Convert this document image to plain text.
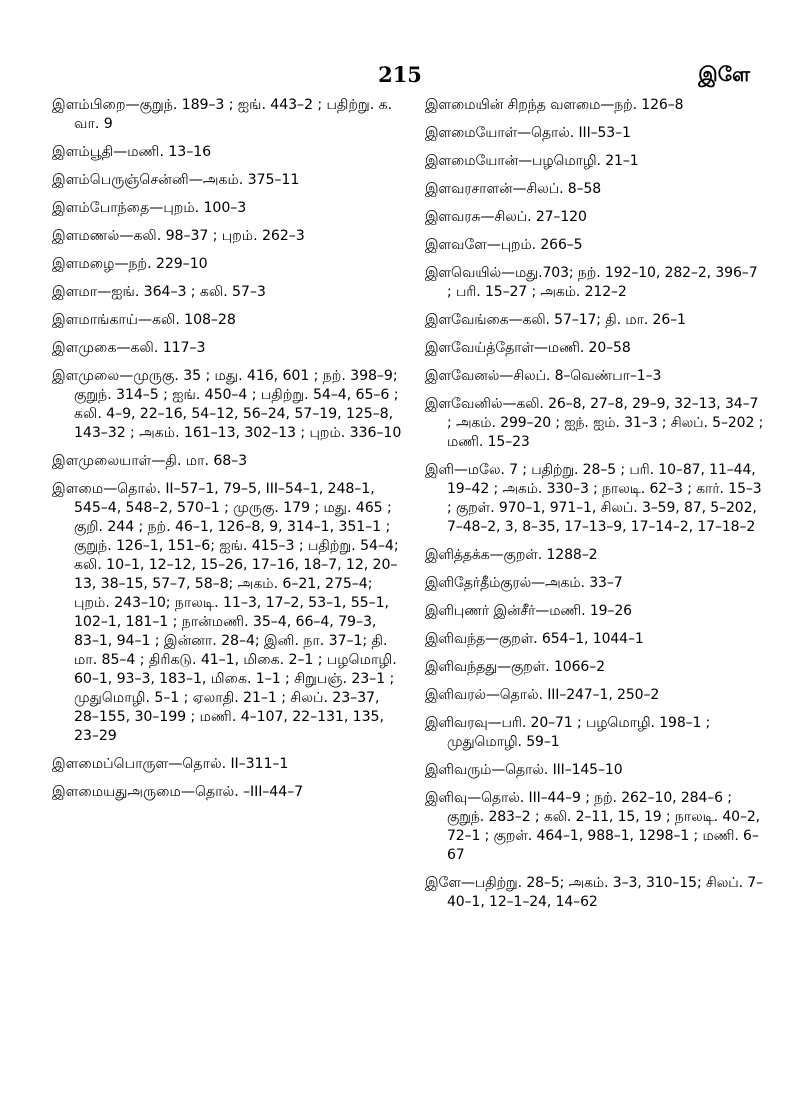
215	இளே
இளம்பிறை—குறுந். 189–3 ; ஐங். 443–2 ; பதிற்று. க. வா. 9
இளம்பூதி—மணி. 13–16
இளம்பெருஞ்சென்னி—அகம். 375–11
இளம்போந்தை—புறம். 100–3
இளமணல்—கலி. 98–37 ; புறம். 262–3
இளமழை—நற். 229–10
இளமா—ஐங். 364–3 ; கலி. 57–3
இளமாங்காய்—கலி. 108–28
இளமுகை—கலி. 117–3
இளமுலை—முருகு. 35 ; மது. 416, 601 ; நற். 398–9; குறுந். 314–5 ; ஐங். 450–4 ; பதிற்று. 54–4, 65–6 ; கலி. 4–9, 22–16, 54–12, 56–24, 57–19, 125–8, 143–32 ; அகம். 161–13, 302–13 ; புறம். 336–10
இளமுலையாள்—தி. மா. 68–3
இளமை—தொல். II–57–1, 79–5, III–54–1, 248–1, 545–4, 548–2, 570–1 ; முருகு. 179 ; மது. 465 ; குறி. 244 ; நற். 46–1, 126–8, 9, 314–1, 351–1 ; குறுந். 126–1, 151–6; ஐங். 415–3 ; பதிற்று. 54–4; கலி. 10–1, 12–12, 15–26, 17–16, 18–7, 12, 20–13, 38–15, 57–7, 58–8; அகம். 6–21, 275–4; புறம். 243–10; நாலடி. 11–3, 17–2, 53–1, 55–1, 102–1, 181–1 ; நான்மணி. 35–4, 66–4, 79–3, 83–1, 94–1 ; இன்னா. 28–4; இனி. நா. 37–1; தி. மா. 85–4 ; திரிகடு. 41–1, மிகை. 2–1 ; பழமொழி. 60–1, 93–3, 183–1, மிகை. 1–1 ; சிறுபஞ். 23–1 ; முதுமொழி. 5–1 ; ஏலாதி. 21–1 ; சிலப். 23–37, 28–155, 30–199 ; மணி. 4–107, 22–131, 135, 23–29
இளமைப்பொருள—தொல். II–311–1
இளமையதுஅருமை—தொல். –III–44–7
இளமையின் சிறந்த வளமை—நற். 126–8
இளமையோள்—தொல். III–53–1
இளமையோன்—பழமொழி. 21–1
இளவரசாளன்—சிலப். 8–58
இளவரசு—சிலப். 27–120
இளவளே—புறம். 266–5
இளவெயில்—மது.703; நற். 192–10, 282–2, 396–7 ; பரி. 15–27 ; அகம். 212–2
இளவேங்கை—கலி. 57–17; தி. மா. 26–1
இளவேய்த்தோள்—மணி. 20–58
இளவேனல்—சிலப். 8–வெண்பா–1–3
இளவேனில்—கலி. 26–8, 27–8, 29–9, 32–13, 34–7 ; அகம். 299–20 ; ஐந். ஐம். 31–3 ; சிலப். 5–202 ; மணி. 15–23
இளி—மலே. 7 ; பதிற்று. 28–5 ; பரி. 10–87, 11–44, 19–42 ; அகம். 330–3 ; நாலடி. 62–3 ; கார். 15–3 ; குறள். 970–1, 971–1, சிலப். 3–59, 87, 5–202, 7–48–2, 3, 8–35, 17–13–9, 17–14–2, 17–18–2
இளித்தக்க—குறள். 1288–2
இளிதேர்தீம்குரல்—அகம். 33–7
இளிபுணர் இன்சீர்—மணி. 19–26
இளிவந்த—குறள். 654–1, 1044–1
இளிவந்தது—குறள். 1066–2
இளிவரல்—தொல். III–247–1, 250–2
இளிவரவு—பரி. 20–71 ; பழமொழி. 198–1 ; முதுமொழி. 59–1
இளிவரும்—தொல். III–145–10
இளிவு—தொல். III–44–9 ; நற். 262–10, 284–6 ; குறுந். 283–2 ; கலி. 2–11, 15, 19 ; நாலடி. 40–2, 72–1 ; குறள். 464–1, 988–1, 1298–1 ; மணி. 6–67
இளே—பதிற்று. 28–5; அகம். 3–3, 310–15; சிலப். 7–40–1, 12–1–24, 14–62
